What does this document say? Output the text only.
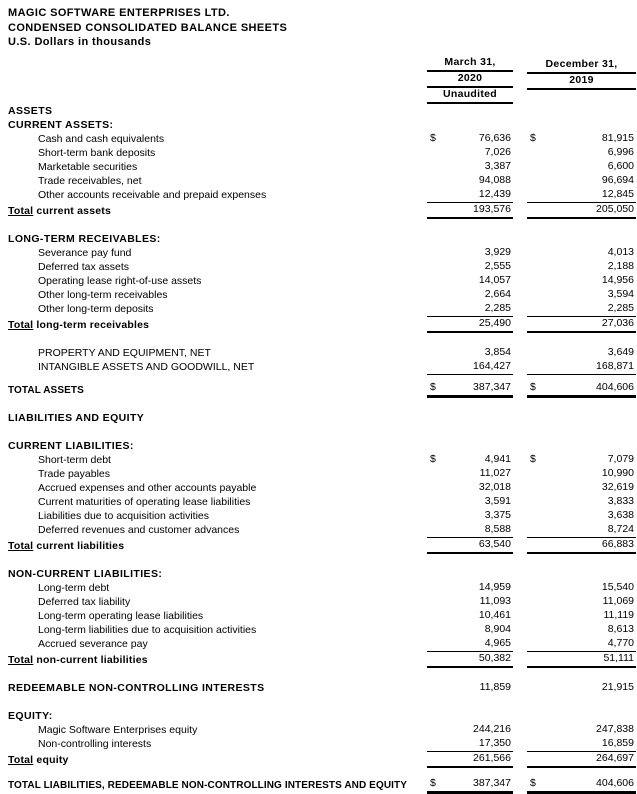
MAGIC SOFTWARE ENTERPRISES LTD.
CONDENSED CONSOLIDATED BALANCE SHEETS
U.S. Dollars in thousands

March 31,
2020
Unaudited

December 31,
2019

ASSETS			
CURRENT ASSETS:			
Cash and cash equivalents	$ 76,636		$ 81,915

Short-term bank deposits	7,026		6,996

Marketable securities	3,387		6,600

Trade receivables, net	94,088		96,694

Other accounts receivable and prepaid expenses	12,439		12,845

Total current assets	193,576		205,050

LONG-TERM RECEIVABLES:			
Severance pay fund	3,929		4,013

Deferred tax assets	2,555		2,188

Operating lease right-of-use assets	14,057		14,956

Other long-term receivables	2,664		3,594

Other long-term deposits	2,285		2,285

Total long-term receivables	25,490		27,036

PROPERTY AND EQUIPMENT, NET	3,854		3,649

INTANGIBLE ASSETS AND GOODWILL, NET	164,427		168,871

TOTAL ASSETS	$ 387,347		$ 404,606

LIABILITIES AND EQUITY			

CURRENT LIABILITIES:			
Short-term debt	$ 4,941		$ 7,079

Trade payables	11,027		10,990

Accrued expenses and other accounts payable	32,018		32,619

Current maturities of operating lease liabilities	3,591		3,833

Liabilities due to acquisition activities	3,375		3,638

Deferred revenues and customer advances	8,588		8,724

Total current liabilities	63,540		66,883

NON-CURRENT LIABILITIES:			
Long-term debt	14,959		15,540

Deferred tax liability	11,093		11,069

Long-term operating lease liabilities	10,461		11,119

Long-term liabilities due to acquisition activities	8,904		8,613

Accrued severance pay	4,965		4,770

Total non-current liabilities	50,382		51,111

REDEEMABLE NON-CONTROLLING INTERESTS	11,859		21,915

EQUITY:			
Magic Software Enterprises equity	244,216		247,838

Non-controlling interests	17,350		16,859

Total equity	261,566		264,697

TOTAL LIABILITIES, REDEEMABLE NON-CONTROLLING INTERESTS AND EQUITY	$ 387,347		$ 404,606
